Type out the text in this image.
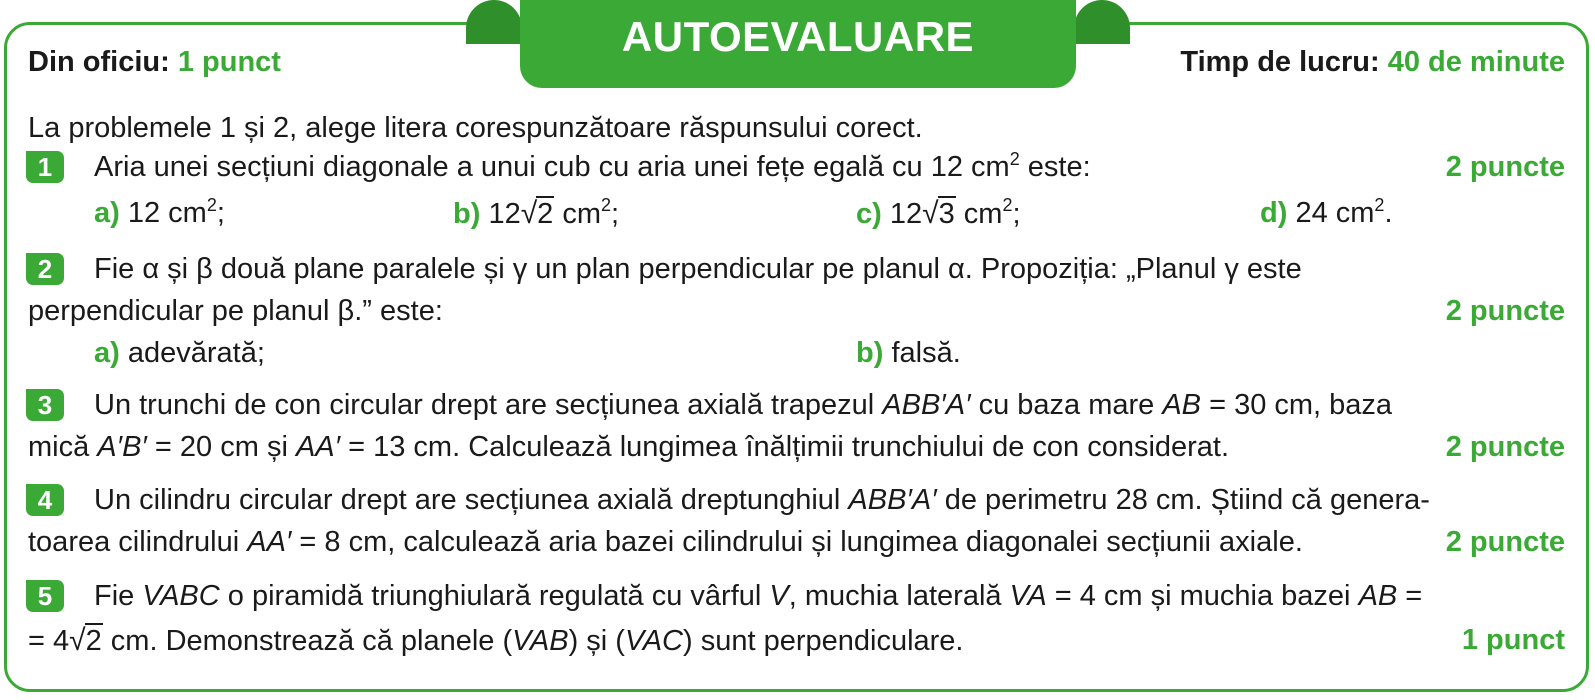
AUTOEVALUARE
Din oficiu: 1 punct	Timp de lucru: 40 de minute
La problemele 1 și 2, alege litera corespunzătoare răspunsului corect.
1	Aria unei secțiuni diagonale a unui cub cu aria unei fețe egală cu 12 $cm^2$ este:	2 puncte
a) 12 $cm^2$;	b) 12√2 $cm^2$;	c) 12√3 $cm^2$;	d) 24 $cm^2$.
2	Fie α și β două plane paralele și γ un plan perpendicular pe planul α. Propoziția: „Planul γ este
perpendicular pe planul β.” este:	2 puncte
a) adevărată;	b) falsă.
3	Un trunchi de con circular drept are secțiunea axială trapezul ABB′A′ cu baza mare AB = 30 cm, baza
mică A′B′ = 20 cm și AA′ = 13 cm. Calculează lungimea înălțimii trunchiului de con considerat.	2 puncte
4	Un cilindru circular drept are secțiunea axială dreptunghiul ABB′A′ de perimetru 28 cm. Știind că genera-
toarea cilindrului AA′ = 8 cm, calculează aria bazei cilindrului și lungimea diagonalei secțiunii axiale.	2 puncte
5	Fie VABC o piramidă triunghiulară regulată cu vârful V, muchia laterală VA = 4 cm și muchia bazei AB =
= 4√2 cm. Demonstrează că planele (VAB) și (VAC) sunt perpendiculare.	1 punct
